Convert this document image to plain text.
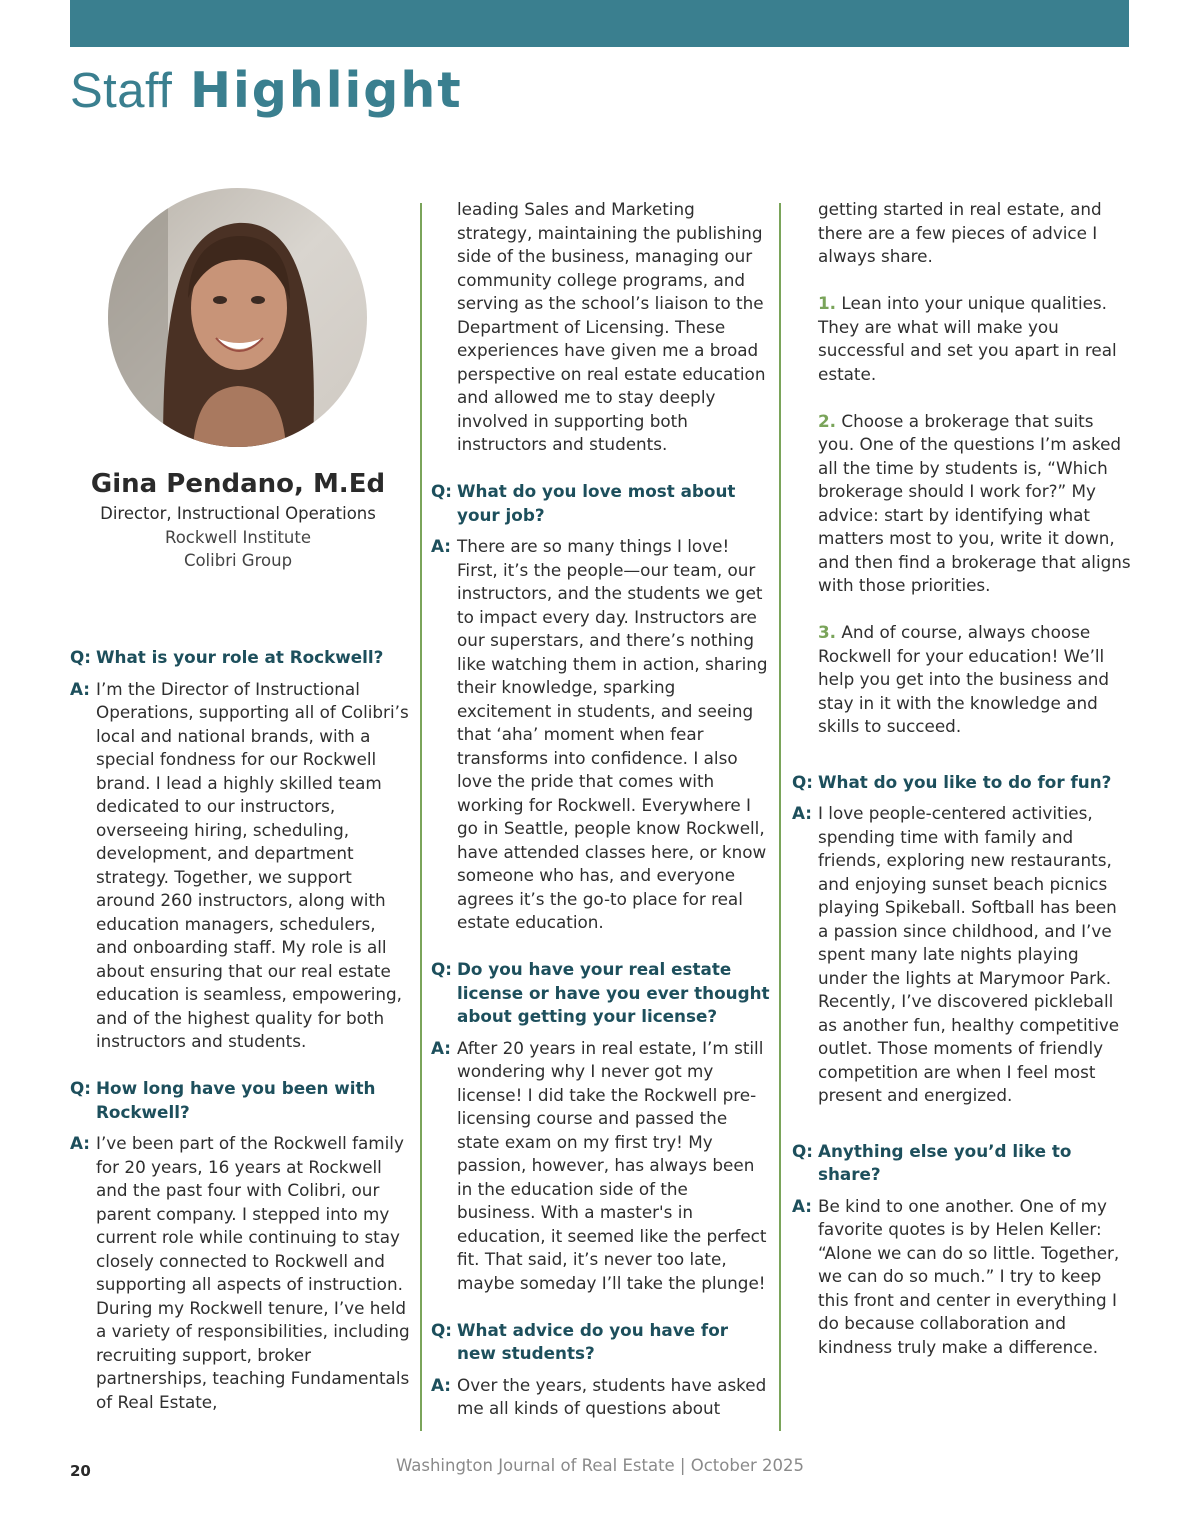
Staff Highlight
Gina Pendano, M.Ed
Director, Instructional Operations
Rockwell Institute
Colibri Group
Q: What is your role at Rockwell?
A: I’m the Director of Instructional Operations, supporting all of Colibri’s local and national brands, with a special fondness for our Rockwell brand. I lead a highly skilled team dedicated to our instructors, overseeing hiring, scheduling, development, and department strategy. Together, we support around 260 instructors, along with education managers, schedulers, and onboarding staff. My role is all about ensuring that our real estate education is seamless, empowering, and of the highest quality for both instructors and students.
Q: How long have you been with Rockwell?
A: I’ve been part of the Rockwell family for 20 years, 16 years at Rockwell and the past four with Colibri, our parent company. I stepped into my current role while continuing to stay closely connected to Rockwell and supporting all aspects of instruction. During my Rockwell tenure, I’ve held a variety of responsibilities, including recruiting support, broker partnerships, teaching Fundamentals of Real Estate,
leading Sales and Marketing strategy, maintaining the publishing side of the business, managing our community college programs, and serving as the school’s liaison to the Department of Licensing. These experiences have given me a broad perspective on real estate education and allowed me to stay deeply involved in supporting both instructors and students.
Q: What do you love most about your job?
A: There are so many things I love! First, it’s the people—our team, our instructors, and the students we get to impact every day. Instructors are our superstars, and there’s nothing like watching them in action, sharing their knowledge, sparking excitement in students, and seeing that ‘aha’ moment when fear transforms into confidence. I also love the pride that comes with working for Rockwell. Everywhere I go in Seattle, people know Rockwell, have attended classes here, or know someone who has, and everyone agrees it’s the go-to place for real estate education.
Q: Do you have your real estate license or have you ever thought about getting your license?
A: After 20 years in real estate, I’m still wondering why I never got my license! I did take the Rockwell pre-licensing course and passed the state exam on my first try! My passion, however, has always been in the education side of the business. With a master's in education, it seemed like the perfect fit. That said, it’s never too late, maybe someday I’ll take the plunge!
Q: What advice do you have for new students?
A: Over the years, students have asked me all kinds of questions about
getting started in real estate, and there are a few pieces of advice I always share.
1. Lean into your unique qualities. They are what will make you successful and set you apart in real estate.
2. Choose a brokerage that suits you. One of the questions I’m asked all the time by students is, “Which brokerage should I work for?” My advice: start by identifying what matters most to you, write it down, and then find a brokerage that aligns with those priorities.
3. And of course, always choose Rockwell for your education! We’ll help you get into the business and stay in it with the knowledge and skills to succeed.
Q: What do you like to do for fun?
A: I love people-centered activities, spending time with family and friends, exploring new restaurants, and enjoying sunset beach picnics playing Spikeball. Softball has been a passion since childhood, and I’ve spent many late nights playing under the lights at Marymoor Park. Recently, I’ve discovered pickleball as another fun, healthy competitive outlet. Those moments of friendly competition are when I feel most present and energized.
Q: Anything else you’d like to share?
A: Be kind to one another. One of my favorite quotes is by Helen Keller: “Alone we can do so little. Together, we can do so much.” I try to keep this front and center in everything I do because collaboration and kindness truly make a difference.
20	Washington Journal of Real Estate | October 2025
